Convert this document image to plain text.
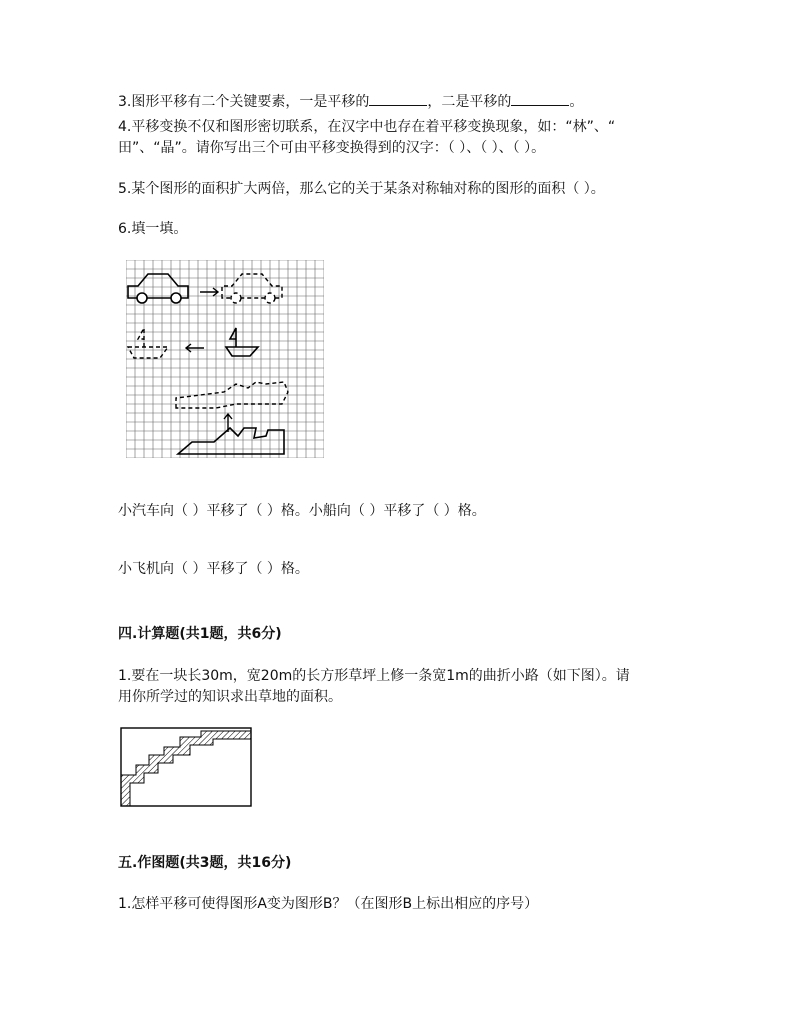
3.图形平移有二个关键要素，一是平移的	，二是平移的	。
4.平移变换不仅和图形密切联系，在汉字中也存在着平移变换现象，如：“林”、“
田”、“晶”。请你写出三个可由平移变换得到的汉字：（ ）、（ ）、（ ）。
5.某个图形的面积扩大两倍，那么它的关于某条对称轴对称的图形的面积（ ）。
6.填一填。
小汽车向（ ）平移了（ ）格。小船向（ ）平移了（ ）格。
小飞机向（ ）平移了（ ）格。
四.计算题(共1题，共6分)
1.要在一块长30m，宽20m的长方形草坪上修一条宽1m的曲折小路（如下图）。请
用你所学过的知识求出草地的面积。
五.作图题(共3题，共16分)
1.怎样平移可使得图形A变为图形B？（在图形B上标出相应的序号）
